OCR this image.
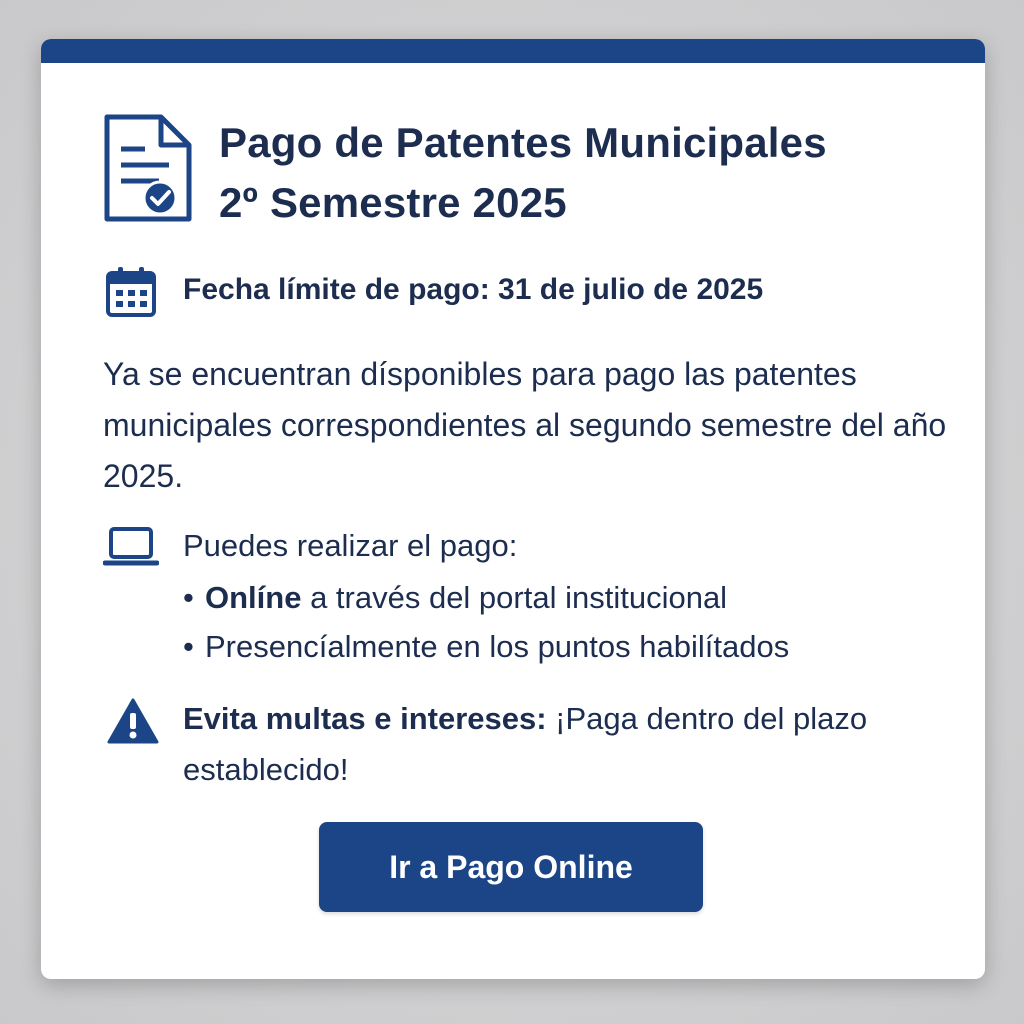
Pago de Patentes Municipales
2º Semestre 2025
Fecha límite de pago: 31 de julio de 2025

Ya se encuentran dísponibles para pago las patentes municipales correspondientes al segundo semestre del año 2025.

Puedes realizar el pago:
• Onlíne a través del portal institucional
• Presencíalmente en los puntos habilítados

Evita multas e intereses: ¡Paga dentro del plazo establecido!

Ir a Pago Online
